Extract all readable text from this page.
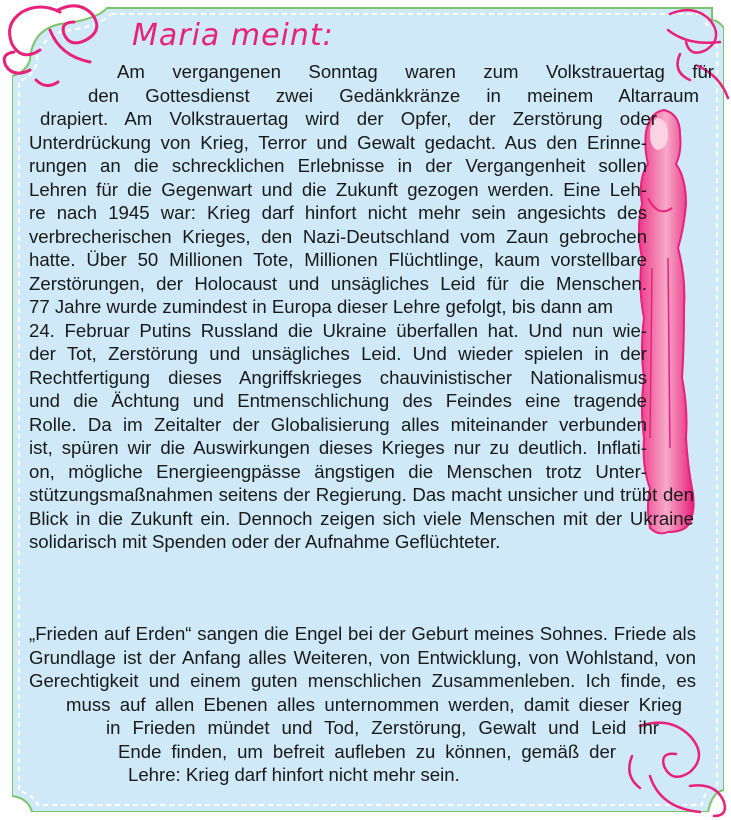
Maria meint:
Am vergangenen Sonntag waren zum Volkstrauertag für
den Gottesdienst zwei Gedänkkränze in meinem Altarraum
drapiert. Am Volkstrauertag wird der Opfer, der Zerstörung oder
Unterdrückung von Krieg, Terror und Gewalt gedacht. Aus den Erinne-
rungen an die schrecklichen Erlebnisse in der Vergangenheit sollen
Lehren für die Gegenwart und die Zukunft gezogen werden. Eine Leh-
re nach 1945 war: Krieg darf hinfort nicht mehr sein angesichts des
verbrecherischen Krieges, den Nazi-Deutschland vom Zaun gebrochen
hatte. Über 50 Millionen Tote, Millionen Flüchtlinge, kaum vorstellbare
Zerstörungen, der Holocaust und unsägliches Leid für die Menschen.
77 Jahre wurde zumindest in Europa dieser Lehre gefolgt, bis dann am
24. Februar Putins Russland die Ukraine überfallen hat. Und nun wie-
der Tot, Zerstörung und unsägliches Leid. Und wieder spielen in der
Rechtfertigung dieses Angriffskrieges chauvinistischer Nationalismus
und die Ächtung und Entmenschlichung des Feindes eine tragende
Rolle. Da im Zeitalter der Globalisierung alles miteinander verbunden
ist, spüren wir die Auswirkungen dieses Krieges nur zu deutlich. Inflati-
on, mögliche Energieengpässe ängstigen die Menschen trotz Unter-
stützungsmaßnahmen seitens der Regierung. Das macht unsicher und trübt den
Blick in die Zukunft ein. Dennoch zeigen sich viele Menschen mit der Ukraine
solidarisch mit Spenden oder der Aufnahme Geflüchteter.
„Frieden auf Erden“ sangen die Engel bei der Geburt meines Sohnes. Friede als
Grundlage ist der Anfang alles Weiteren, von Entwicklung, von Wohlstand, von
Gerechtigkeit und einem guten menschlichen Zusammenleben. Ich finde, es
muss auf allen Ebenen alles unternommen werden, damit dieser Krieg
in Frieden mündet und Tod, Zerstörung, Gewalt und Leid ihr
Ende finden, um befreit aufleben zu können, gemäß der
Lehre: Krieg darf hinfort nicht mehr sein.
